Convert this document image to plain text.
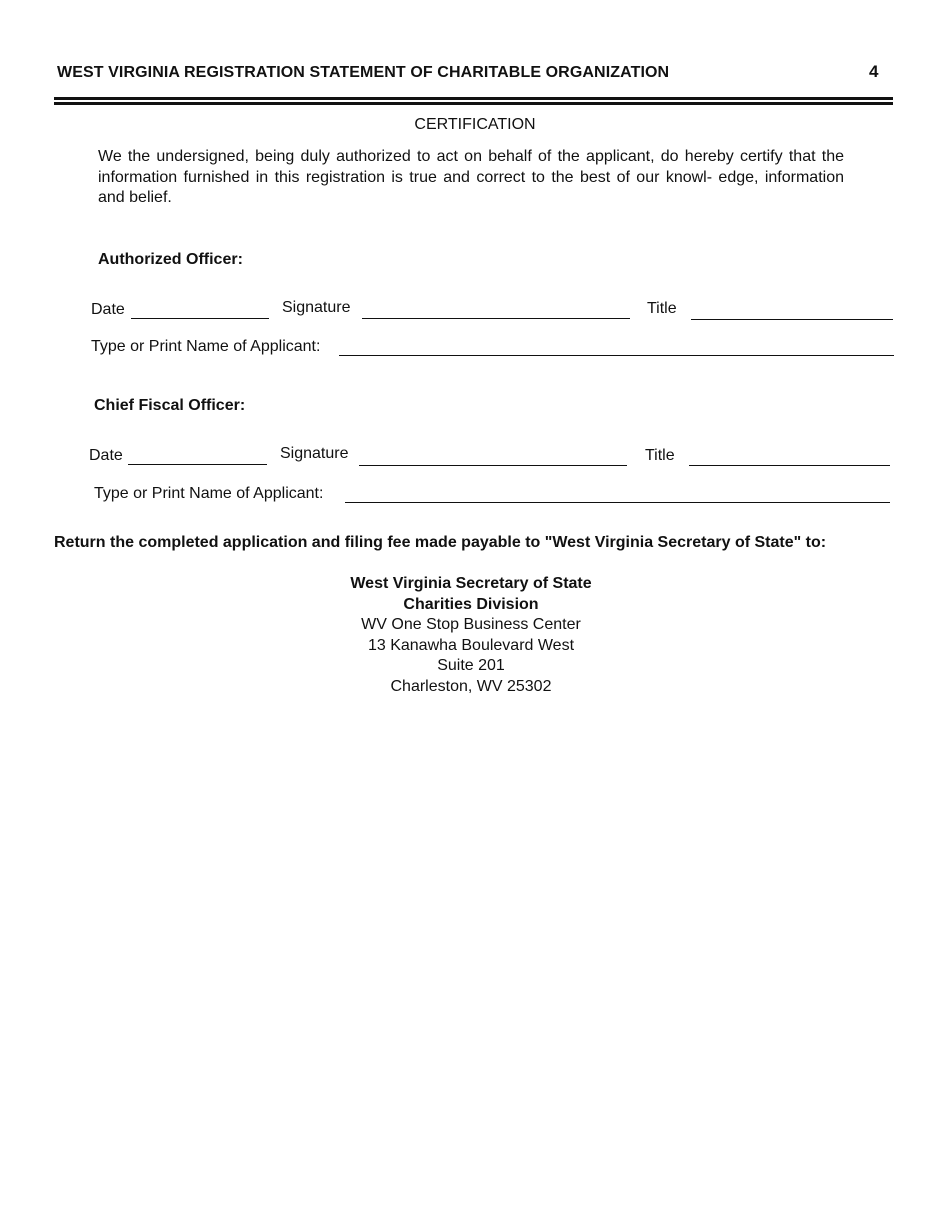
WEST VIRGINIA REGISTRATION STATEMENT OF CHARITABLE ORGANIZATION	4
CERTIFICATION
We the undersigned, being duly authorized to act on behalf of the applicant, do hereby certify that the information furnished in this registration is true and correct to the best of our knowl- edge, information and belief.
Authorized Officer:
Date	Signature	Title
Type or Print Name of Applicant:
Chief Fiscal Officer:
Date	Signature	Title
Type or Print Name of Applicant:
Return the completed application and filing fee made payable to "West Virginia Secretary of State" to:
West Virginia Secretary of State
Charities Division
WV One Stop Business Center
13 Kanawha Boulevard West
Suite 201
Charleston, WV 25302
